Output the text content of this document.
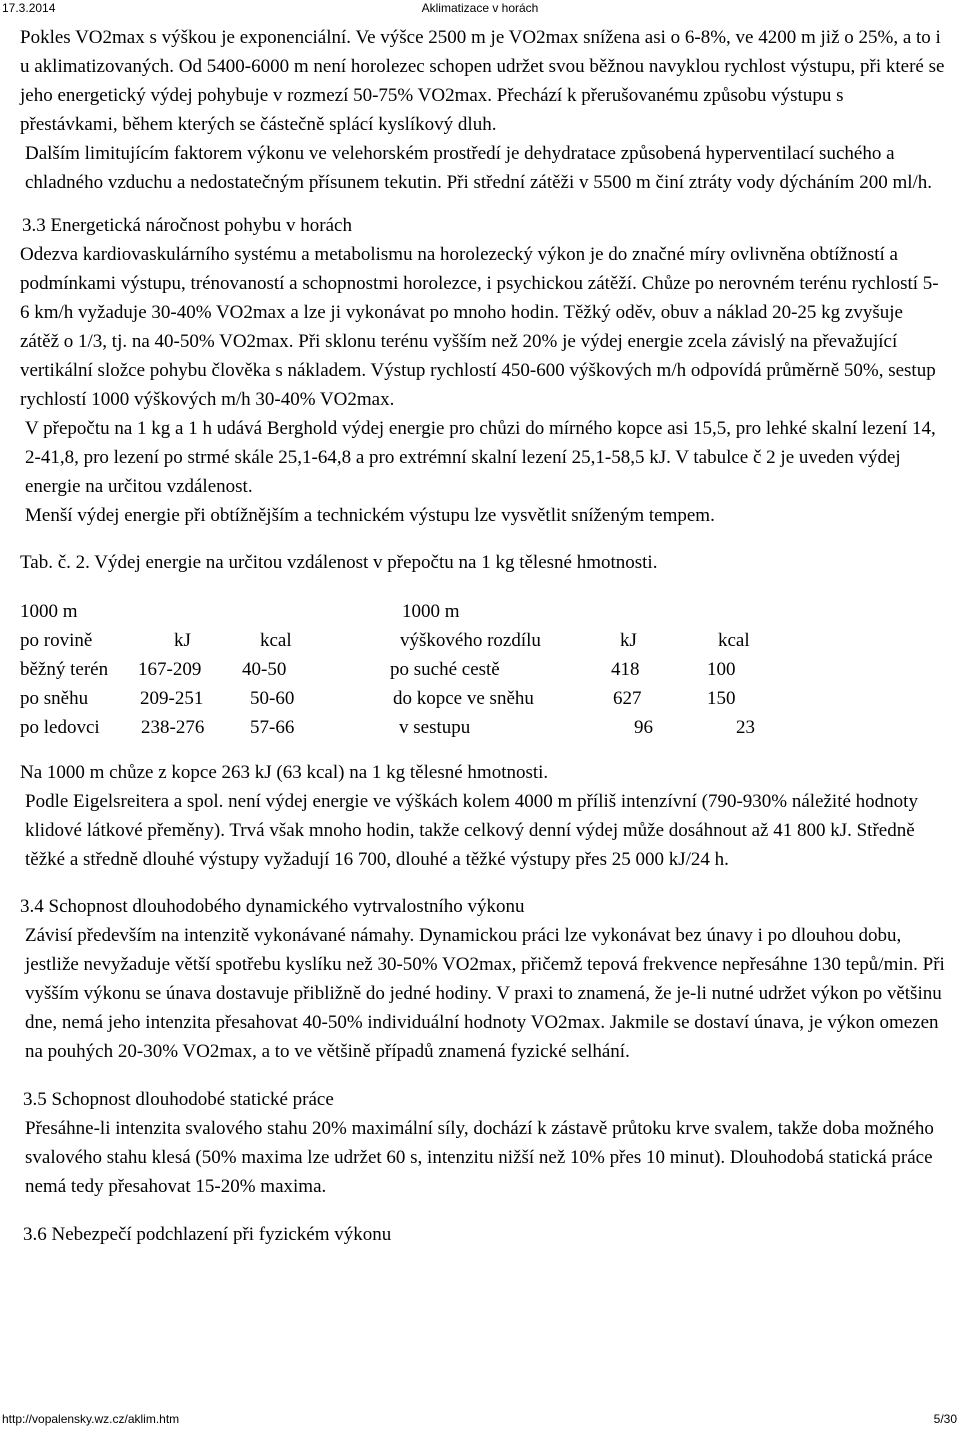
17.3.2014	Aklimatizace v horách

Pokles VO2max s výškou je exponenciální. Ve výšce 2500 m je VO2max snížena asi o 6-8%, ve 4200 m již o 25%, a to i u aklimatizovaných. Od 5400-6000 m není horolezec schopen udržet svou běžnou navyklou rychlost výstupu, při které se jeho energetický výdej pohybuje v rozmezí 50-75% VO2max. Přechází k přerušovanému způsobu výstupu s přestávkami, během kterých se částečně splácí kyslíkový dluh.

Dalším limitujícím faktorem výkonu ve velehorském prostředí je dehydratace způsobená hyperventilací suchého a chladného vzduchu a nedostatečným přísunem tekutin. Při střední zátěži v 5500 m činí ztráty vody dýcháním 200 ml/h.

3.3 Energetická náročnost pohybu v horách

Odezva kardiovaskulárního systému a metabolismu na horolezecký výkon je do značné míry ovlivněna obtížností a podmínkami výstupu, trénovaností a schopnostmi horolezce, i psychickou zátěží. Chůze po nerovném terénu rychlostí 5-6 km/h vyžaduje 30-40% VO2max a lze ji vykonávat po mnoho hodin. Těžký oděv, obuv a náklad 20-25 kg zvyšuje zátěž o 1/3, tj. na 40-50% VO2max. Při sklonu terénu vyšším než 20% je výdej energie zcela závislý na převažující vertikální složce pohybu člověka s nákladem. Výstup rychlostí 450-600 výškových m/h odpovídá průměrně 50%, sestup rychlostí 1000 výškových m/h 30-40% VO2max.

V přepočtu na 1 kg a 1 h udává Berghold výdej energie pro chůzi do mírného kopce asi 15,5, pro lehké skalní lezení 14, 2-41,8, pro lezení po strmé skále 25,1-64,8 a pro extrémní skalní lezení 25,1-58,5 kJ. V tabulce č 2 je uveden výdej energie na určitou vzdálenost.

Menší výdej energie při obtížnějším a technickém výstupu lze vysvětlit sníženým tempem.

Tab. č. 2. Výdej energie na určitou vzdálenost v přepočtu na 1 kg tělesné hmotnosti.

1000 m
po rovině	kJ	kcal
běžný terén 167-209 40-50
po sněhu	209-251 50-60
po ledovci 238-276 57-66
1000 m
výškového rozdílu	kJ	kcal
po suché cestě	418	100
do kopce ve sněhu	627	150
v sestupu	96	23

Na 1000 m chůze z kopce 263 kJ (63 kcal) na 1 kg tělesné hmotnosti.

Podle Eigelsreitera a spol. není výdej energie ve výškách kolem 4000 m příliš intenzívní (790-930% náležité hodnoty klidové látkové přeměny). Trvá však mnoho hodin, takže celkový denní výdej může dosáhnout až 41 800 kJ. Středně těžké a středně dlouhé výstupy vyžadují 16 700, dlouhé a těžké výstupy přes 25 000 kJ/24 h.

3.4 Schopnost dlouhodobého dynamického vytrvalostního výkonu

Závisí především na intenzitě vykonávané námahy. Dynamickou práci lze vykonávat bez únavy i po dlouhou dobu, jestliže nevyžaduje větší spotřebu kyslíku než 30-50% VO2max, přičemž tepová frekvence nepřesáhne 130 tepů/min. Při vyšším výkonu se únava dostavuje přibližně do jedné hodiny. V praxi to znamená, že je-li nutné udržet výkon po většinu dne, nemá jeho intenzita přesahovat 40-50% individuální hodnoty VO2max. Jakmile se dostaví únava, je výkon omezen na pouhých 20-30% VO2max, a to ve většině případů znamená fyzické selhání.

3.5 Schopnost dlouhodobé statické práce

Přesáhne-li intenzita svalového stahu 20% maximální síly, dochází k zástavě průtoku krve svalem, takže doba možného svalového stahu klesá (50% maxima lze udržet 60 s, intenzitu nižší než 10% přes 10 minut). Dlouhodobá statická práce nemá tedy přesahovat 15-20% maxima.

3.6 Nebezpečí podchlazení při fyzickém výkonu
http://vopalensky.wz.cz/aklim.htm	5/30
